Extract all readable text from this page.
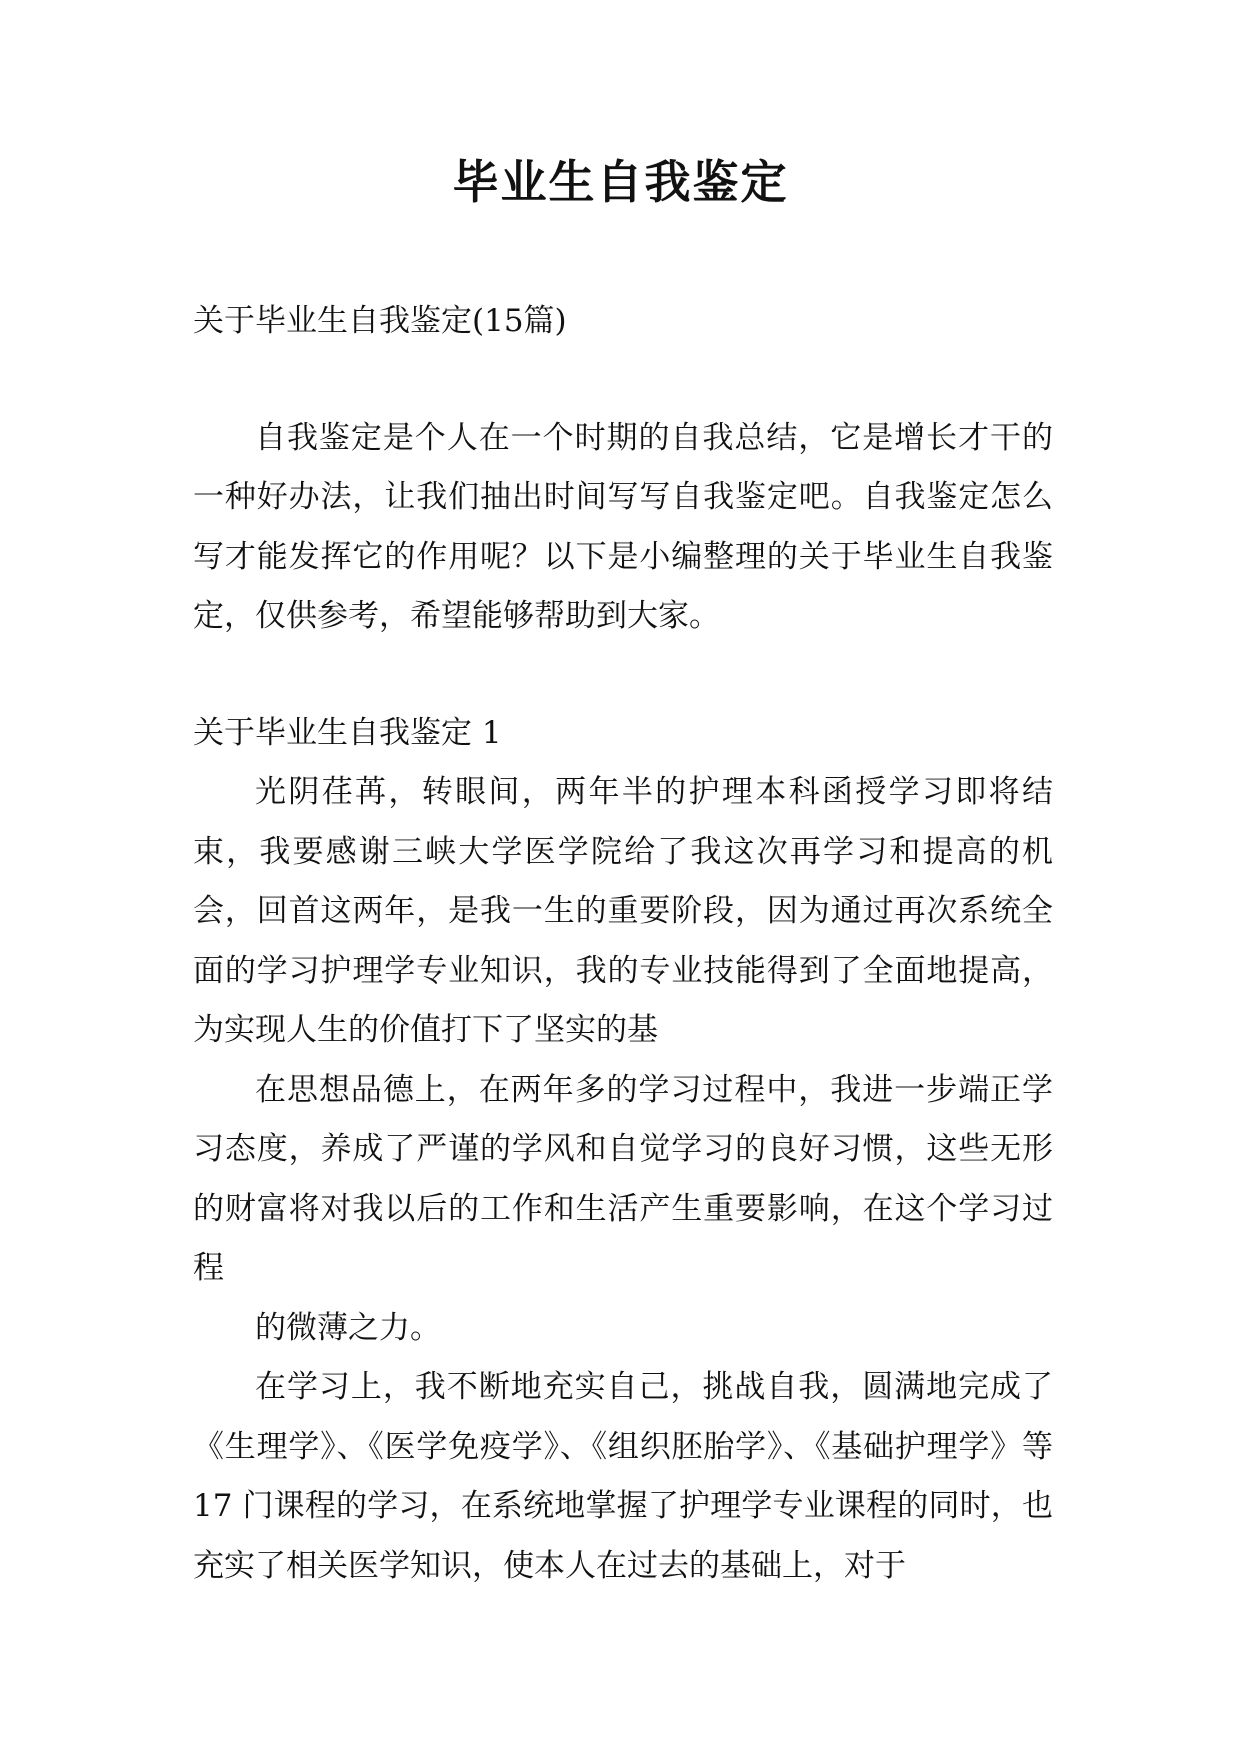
毕业生自我鉴定

关于毕业生自我鉴定(15篇)

自我鉴定是个人在一个时期的自我总结，它是增长才干的一种好办法，让我们抽出时间写写自我鉴定吧。自我鉴定怎么写才能发挥它的作用呢？以下是小编整理的关于毕业生自我鉴定，仅供参考，希望能够帮助到大家。

关于毕业生自我鉴定 1

光阴荏苒，转眼间，两年半的护理本科函授学习即将结束，我要感谢三峡大学医学院给了我这次再学习和提高的机会，回首这两年，是我一生的重要阶段，因为通过再次系统全面的学习护理学专业知识，我的专业技能得到了全面地提高，为实现人生的价值打下了坚实的基

在思想品德上，在两年多的学习过程中，我进一步端正学习态度，养成了严谨的学风和自觉学习的良好习惯，这些无形的财富将对我以后的工作和生活产生重要影响，在这个学习过程

的微薄之力。

在学习上，我不断地充实自己，挑战自我，圆满地完成了《生理学》、《医学免疫学》、《组织胚胎学》、《基础护理学》等 17 门课程的学习，在系统地掌握了护理学专业课程的同时，也充实了相关医学知识，使本人在过去的基础上，对于
